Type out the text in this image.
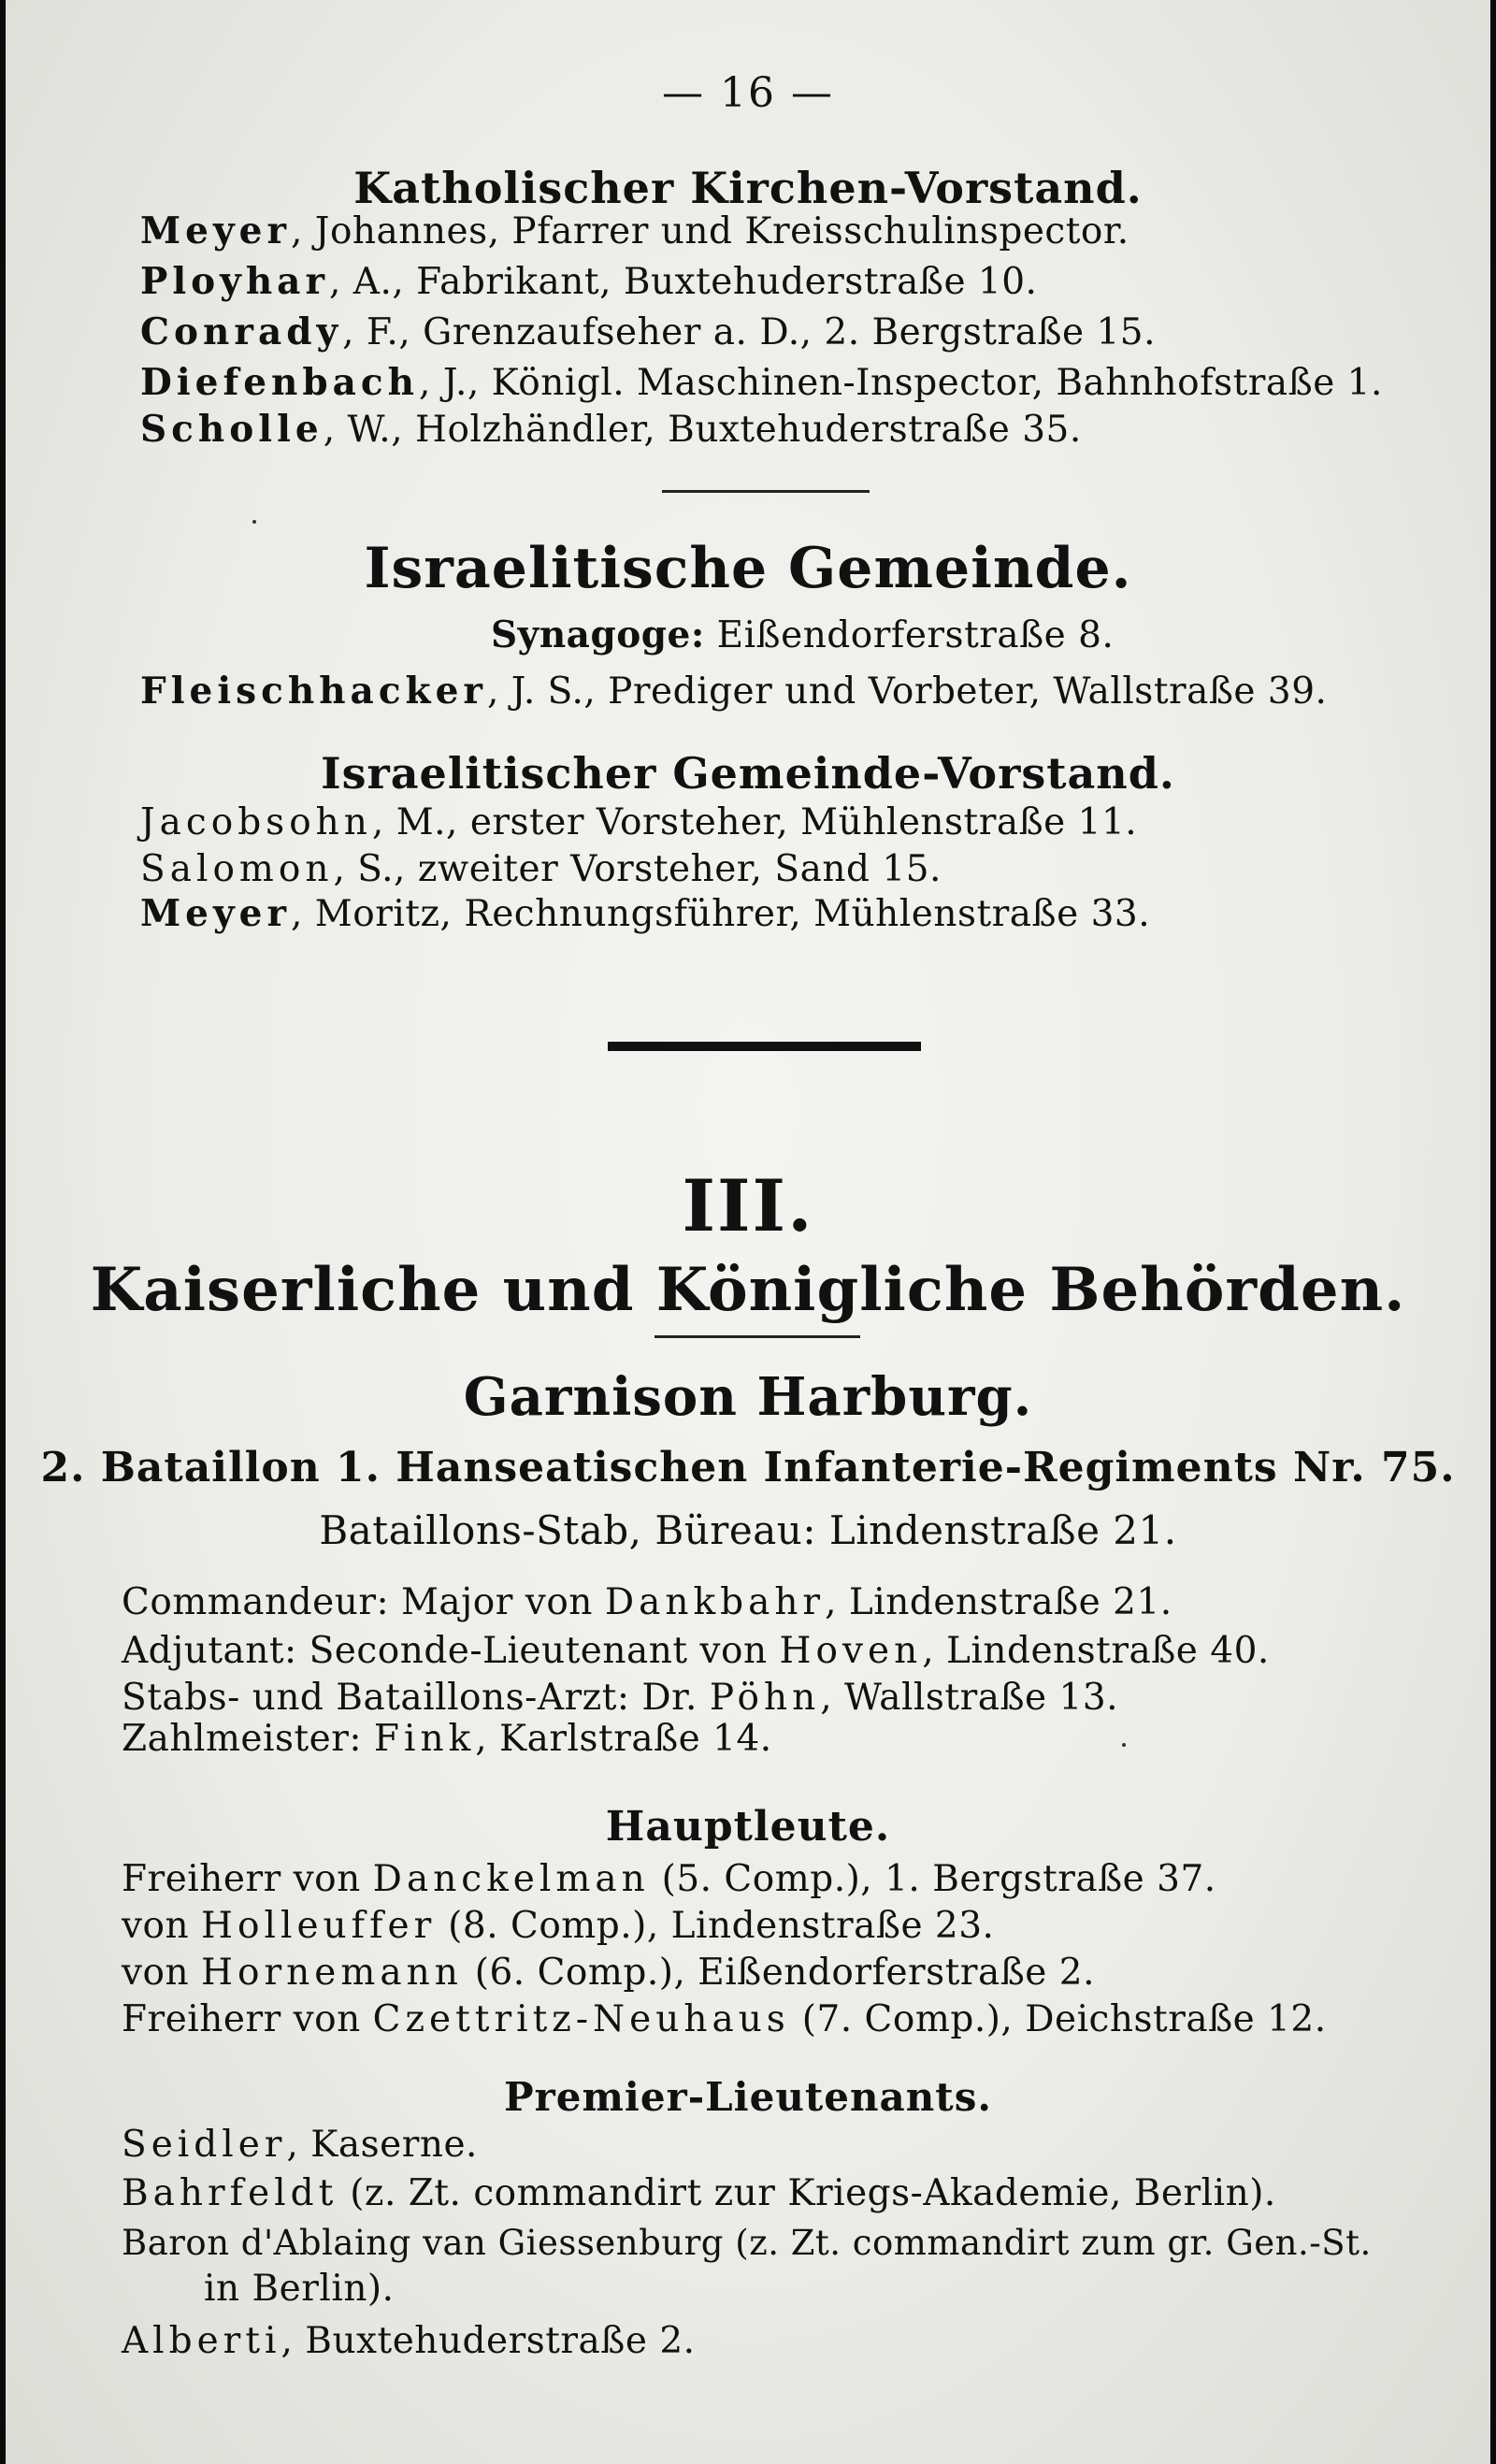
— 16 —
Katholischer Kirchen-Vorstand.
Meyer, Johannes, Pfarrer und Kreisschulinspector.
Ployhar, A., Fabrikant, Buxtehuderstraße 10.
Conrady, F., Grenzaufseher a. D., 2. Bergstraße 15.
Diefenbach, J., Königl. Maschinen-Inspector, Bahnhofstraße 1.
Scholle, W., Holzhändler, Buxtehuderstraße 35.
Israelitische Gemeinde.
Synagoge: Eißendorferstraße 8.
Fleischhacker, J. S., Prediger und Vorbeter, Wallstraße 39.
Israelitischer Gemeinde-Vorstand.
Jacobsohn, M., erster Vorsteher, Mühlenstraße 11.
Salomon, S., zweiter Vorsteher, Sand 15.
Meyer, Moritz, Rechnungsführer, Mühlenstraße 33.
III.
Kaiserliche und Königliche Behörden.
Garnison Harburg.
2. Bataillon 1. Hanseatischen Infanterie-Regiments Nr. 75.
Bataillons-Stab, Büreau: Lindenstraße 21.
Commandeur: Major von Dankbahr, Lindenstraße 21.
Adjutant: Seconde-Lieutenant von Hoven, Lindenstraße 40.
Stabs- und Bataillons-Arzt: Dr. Pöhn, Wallstraße 13.
Zahlmeister: Fink, Karlstraße 14.
Hauptleute.
Freiherr von Danckelman (5. Comp.), 1. Bergstraße 37.
von Holleuffer (8. Comp.), Lindenstraße 23.
von Hornemann (6. Comp.), Eißendorferstraße 2.
Freiherr von Czettritz-Neuhaus (7. Comp.), Deichstraße 12.
Premier-Lieutenants.
Seidler, Kaserne.
Bahrfeldt (z. Zt. commandirt zur Kriegs-Akademie, Berlin).
Baron d'Ablaing van Giessenburg (z. Zt. commandirt zum gr. Gen.-St.
in Berlin).
Alberti, Buxtehuderstraße 2.
